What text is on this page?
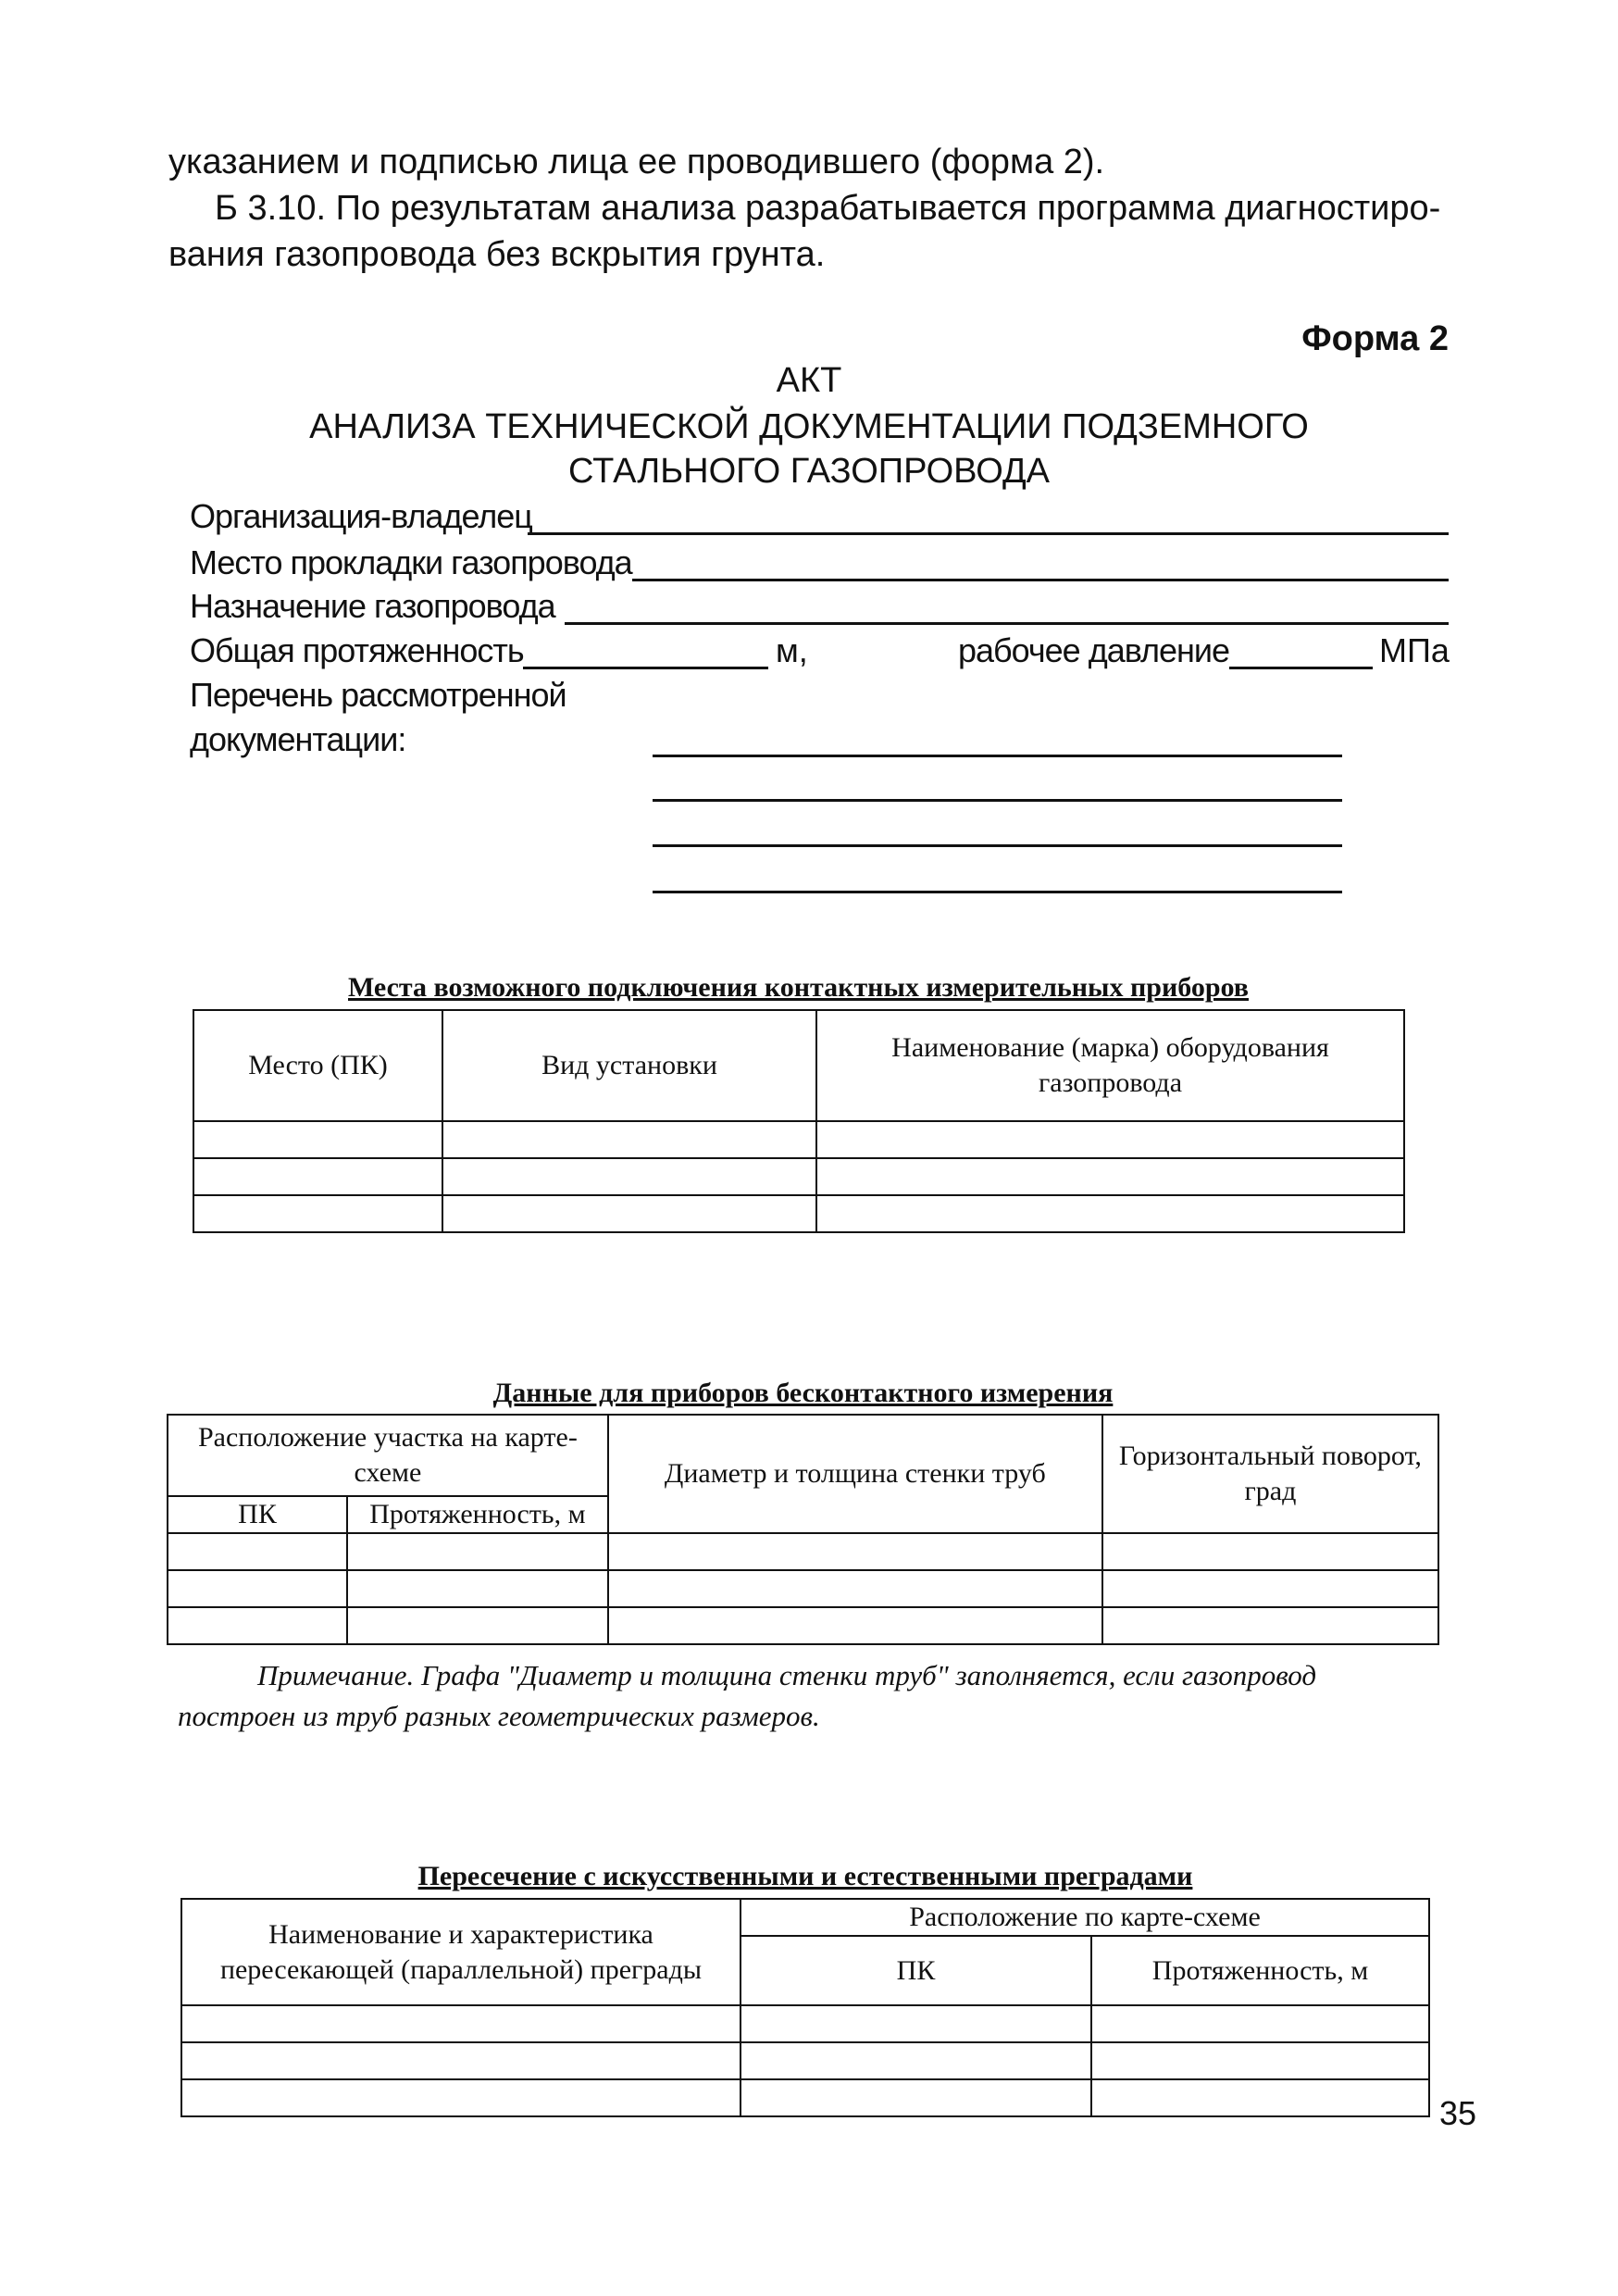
указанием и подписью лица ее проводившего (форма 2).
Б 3.10. По результатам анализа разрабатывается программа диагностиро-
вания газопровода без вскрытия грунта.
Форма 2
АКТ
АНАЛИЗА ТЕХНИЧЕСКОЙ ДОКУМЕНТАЦИИ ПОДЗЕМНОГО
СТАЛЬНОГО ГАЗОПРОВОДА
Организация-владелец
Место прокладки газопровода
Назначение газопровода
Общая протяженность	м,	рабочее давление	МПа
Перечень рассмотренной
документации:
Места возможного подключения контактных измерительных приборов
Место (ПК)	Вид установки	Наименование (марка) оборудования газопровода

Данные для приборов бесконтактного измерения
Расположение участка на карте-схеме		Диаметр и толщина стенки труб	Горизонтальный поворот, град
ПК	Протяженность, м		

Примечание. Графа "Диаметр и толщина стенки труб" заполняется, если газопровод
построен из труб разных геометрических размеров.
Пересечение с искусственными и естественными преградами
Наименование и характеристика пересекающей (параллельной) преграды	Расположение по карте-схеме	
	ПК	Протяженность, м

35
